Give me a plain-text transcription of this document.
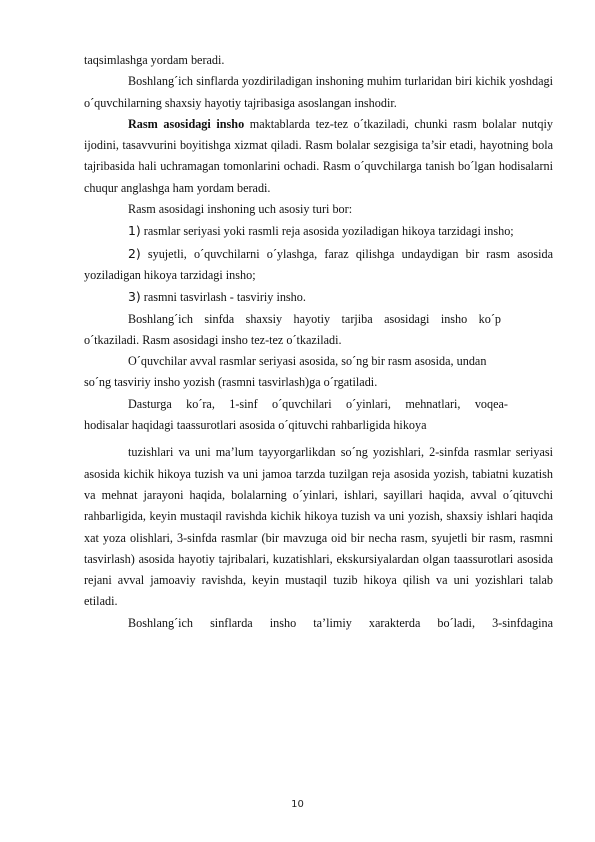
taqsimlashga yordam beradi.

Boshlang´ich sinflarda yozdiriladigan inshoning muhim turlaridan biri kichik yoshdagi o´quvchilarning shaxsiy hayotiy tajribasiga asoslangan inshodir.

Rasm asosidagi insho maktablarda tez-tez o´tkaziladi, chunki rasm bolalar nutqiy ijodini, tasavvurini boyitishga xizmat qiladi. Rasm bolalar sezgisiga ta’sir etadi, hayotning bola tajribasida hali uchramagan tomonlarini ochadi. Rasm o´quvchilarga tanish bo´lgan hodisalarni chuqur anglashga ham yordam beradi.

Rasm asosidagi inshoning uch asosiy turi bor:

1) rasmlar seriyasi yoki rasmli reja asosida yoziladigan hikoya tarzidagi insho;

2) syujetli, o´quvchilarni o´ylashga, faraz qilishga undaydigan bir rasm asosida yoziladigan hikoya tarzidagi insho;

3) rasmni tasvirlash - tasviriy insho.

Boshlang´ich sinfda shaxsiy hayotiy tarjiba asosidagi insho ko´p

o´tkaziladi. Rasm asosidagi insho tez-tez o´tkaziladi.

O´quvchilar avval rasmlar seriyasi asosida, so´ng bir rasm asosida, undan

so´ng tasviriy insho yozish (rasmni tasvirlash)ga o´rgatiladi.

Dasturga ko´ra, 1-sinf o´quvchilari o´yinlari, mehnatlari, voqea-

hodisalar haqidagi taassurotlari asosida o´qituvchi rahbarligida hikoya

tuzishlari va uni ma’lum tayyorgarlikdan so´ng yozishlari, 2-sinfda rasmlar seriyasi asosida kichik hikoya tuzish va uni jamoa tarzda tuzilgan reja asosida yozish, tabiatni kuzatish va mehnat jarayoni haqida, bolalarning o´yinlari, ishlari, sayillari haqida, avval o´qituvchi rahbarligida, keyin mustaqil ravishda kichik hikoya tuzish va uni yozish, shaxsiy ishlari haqida xat yoza olishlari, 3-sinfda rasmlar (bir mavzuga oid bir necha rasm, syujetli bir rasm, rasmni tasvirlash) asosida hayotiy tajribalari, kuzatishlari, ekskursiyalardan olgan taassurotlari asosida rejani avval jamoaviy ravishda, keyin mustaqil tuzib hikoya qilish va uni yozishlari talab etiladi.

Boshlang´ich sinflarda insho ta’limiy xarakterda bo´ladi, 3-sinfdagina

10
